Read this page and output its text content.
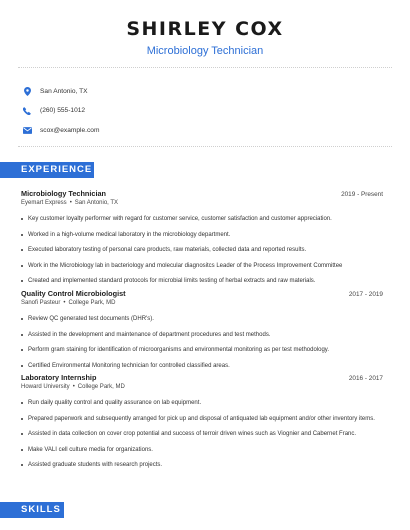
SHIRLEY COX
Microbiology Technician
San Antonio, TX
(260) 555-1012
scox@example.com
EXPERIENCE
Microbiology Technician	2019 - Present
Eyemart Express • San Antonio, TX
Key customer loyalty performer with regard for customer service, customer satisfaction and customer appreciation.
Worked in a high-volume medical laboratory in the microbiology department.
Executed laboratory testing of personal care products, raw materials, collected data and reported results.
Work in the Microbiology lab in bacteriology and molecular diagnositcs Leader of the Process Improvement Committee
Created and implemented standard protocols for microbial limits testing of herbal extracts and raw materials.
Quality Control Microbiologist	2017 - 2019
Sanofi Pasteur • College Park, MD
Review QC generated test documents (DHR's).
Assisted in the development and maintenance of department procedures and test methods.
Perform gram staining for identification of microorganisms and environmental monitoring as per test methodology.
Certified Environmental Monitoring technician for controlled classified areas.
Laboratory Internship	2016 - 2017
Howard University • College Park, MD
Run daily quality control and quality assurance on lab equipment.
Prepared paperwork and subsequently arranged for pick up and disposal of antiquated lab equipment and/or other inventory items.
Assisted in data collection on cover crop potential and success of terroir driven wines such as Viognier and Cabernet Franc.
Make VALI cell culture media for organizations.
Assisted graduate students with research projects.
SKILLS
